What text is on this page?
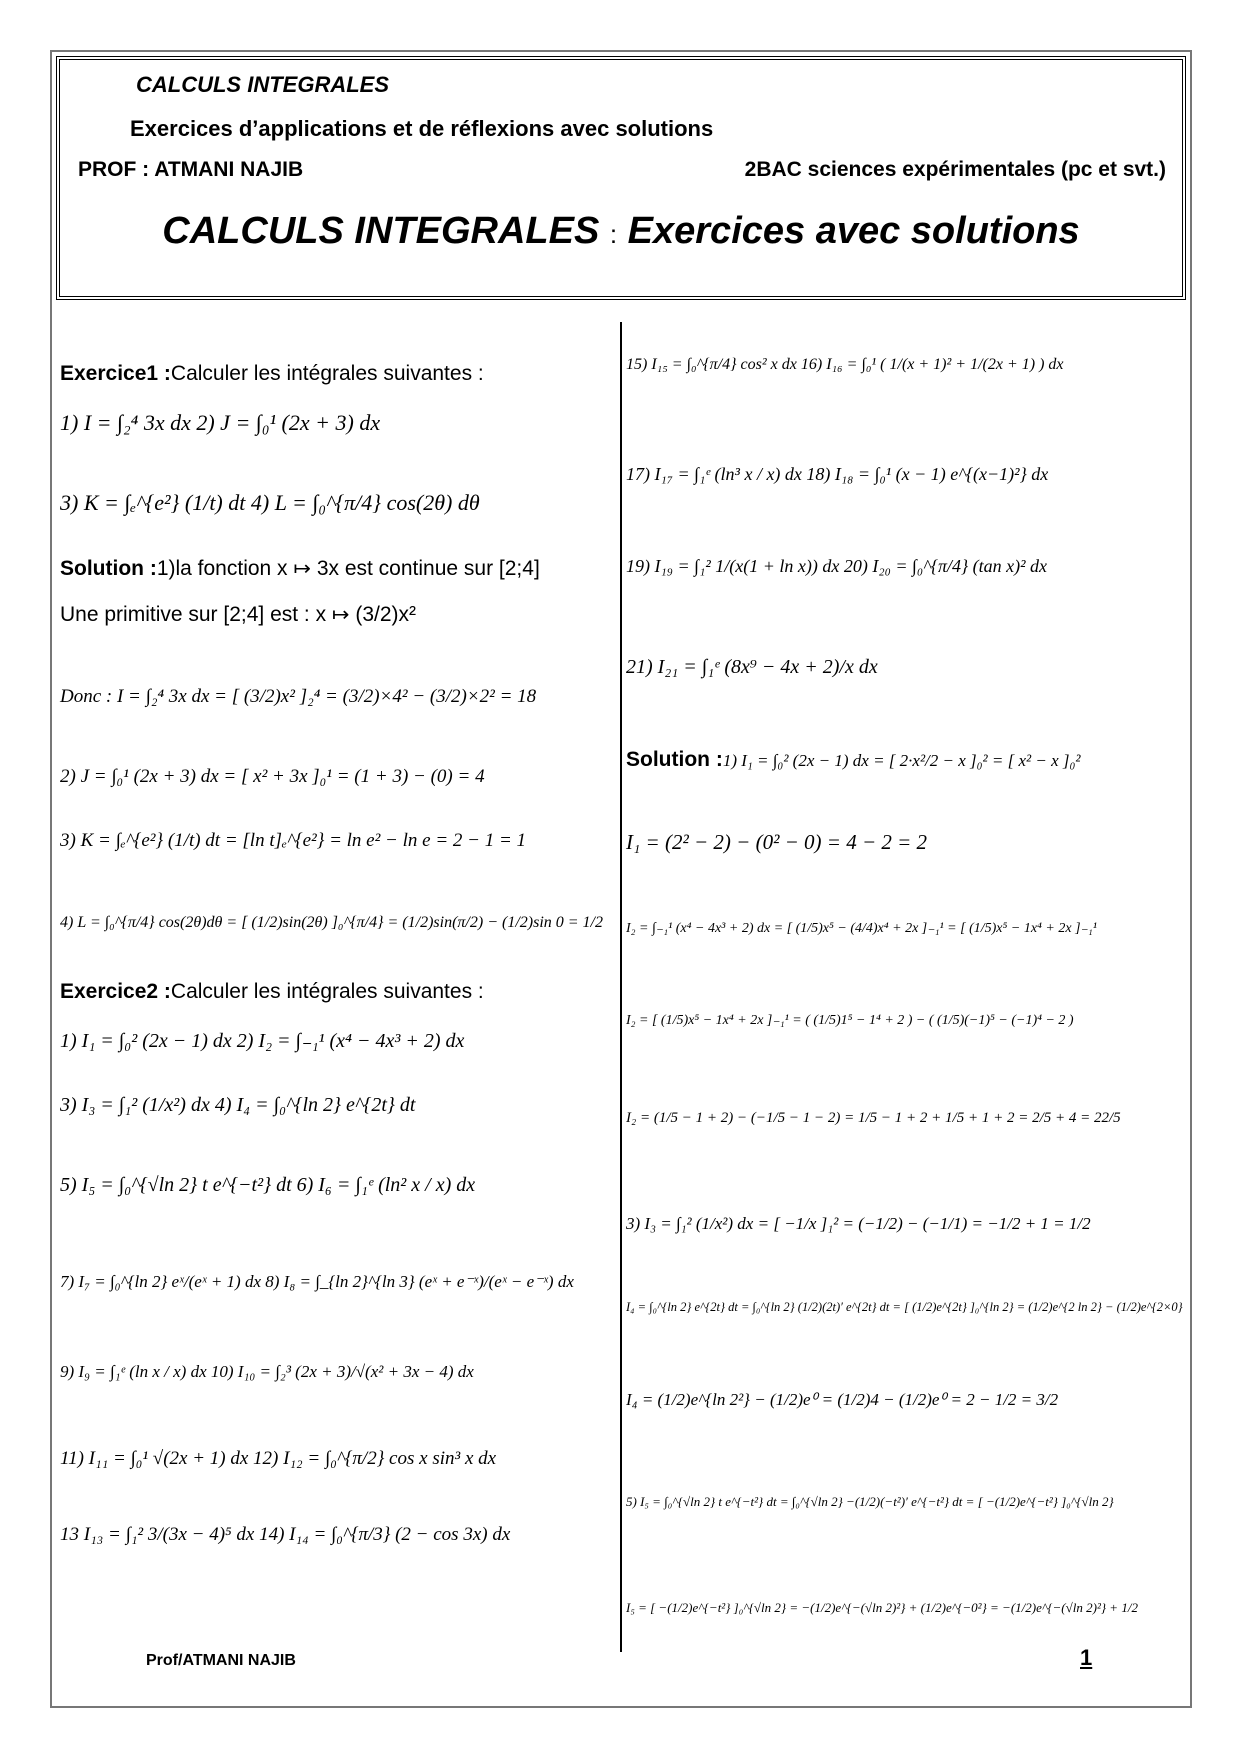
CALCULS INTEGRALES
Exercices d’applications et de réflexions avec solutions
PROF : ATMANI NAJIB	2BAC sciences expérimentales (pc et svt.)
CALCULS INTEGRALES : Exercices avec solutions
Exercice1 :Calculer les intégrales suivantes :
1) I = ∫₂⁴ 3x dx 2) J = ∫₀¹ (2x + 3) dx
3) K = ∫ₑ^{e²} (1/t) dt 4) L = ∫₀^{π/4} cos(2θ) dθ
Solution :1)la fonction x ↦ 3x est continue sur [2;4]
Une primitive sur [2;4] est : x ↦ (3/2)x²
Donc : I = ∫₂⁴ 3x dx = [ (3/2)x² ]₂⁴ = (3/2)×4² − (3/2)×2² = 18
2) J = ∫₀¹ (2x + 3) dx = [ x² + 3x ]₀¹ = (1 + 3) − (0) = 4
3) K = ∫ₑ^{e²} (1/t) dt = [ln t]ₑ^{e²} = ln e² − ln e = 2 − 1 = 1
4) L = ∫₀^{π/4} cos(2θ)dθ = [ (1/2)sin(2θ) ]₀^{π/4} = (1/2)sin(π/2) − (1/2)sin 0 = 1/2
Exercice2 :Calculer les intégrales suivantes :
1) I₁ = ∫₀² (2x − 1) dx 2) I₂ = ∫₋₁¹ (x⁴ − 4x³ + 2) dx
3) I₃ = ∫₁² (1/x²) dx 4) I₄ = ∫₀^{ln 2} e^{2t} dt
5) I₅ = ∫₀^{√ln 2} t e^{−t²} dt 6) I₆ = ∫₁ᵉ (ln² x / x) dx
7) I₇ = ∫₀^{ln 2} eˣ/(eˣ + 1) dx 8) I₈ = ∫_{ln 2}^{ln 3} (eˣ + e⁻ˣ)/(eˣ − e⁻ˣ) dx
9) I₉ = ∫₁ᵉ (ln x / x) dx 10) I₁₀ = ∫₂³ (2x + 3)/√(x² + 3x − 4) dx
11) I₁₁ = ∫₀¹ √(2x + 1) dx 12) I₁₂ = ∫₀^{π/2} cos x sin³ x dx
13 I₁₃ = ∫₁² 3/(3x − 4)⁵ dx 14) I₁₄ = ∫₀^{π/3} (2 − cos 3x) dx
15) I₁₅ = ∫₀^{π/4} cos² x dx 16) I₁₆ = ∫₀¹ ( 1/(x + 1)² + 1/(2x + 1) ) dx
17) I₁₇ = ∫₁ᵉ (ln³ x / x) dx 18) I₁₈ = ∫₀¹ (x − 1) e^{(x−1)²} dx
19) I₁₉ = ∫₁² 1/(x(1 + ln x)) dx 20) I₂₀ = ∫₀^{π/4} (tan x)² dx
21) I₂₁ = ∫₁ᵉ (8x⁹ − 4x + 2)/x dx
Solution :1) I₁ = ∫₀² (2x − 1) dx = [ 2·x²/2 − x ]₀² = [ x² − x ]₀²
I₁ = (2² − 2) − (0² − 0) = 4 − 2 = 2
I₂ = ∫₋₁¹ (x⁴ − 4x³ + 2) dx = [ (1/5)x⁵ − (4/4)x⁴ + 2x ]₋₁¹ = [ (1/5)x⁵ − 1x⁴ + 2x ]₋₁¹
I₂ = [ (1/5)x⁵ − 1x⁴ + 2x ]₋₁¹ = ( (1/5)1⁵ − 1⁴ + 2 ) − ( (1/5)(−1)⁵ − (−1)⁴ − 2 )
I₂ = (1/5 − 1 + 2) − (−1/5 − 1 − 2) = 1/5 − 1 + 2 + 1/5 + 1 + 2 = 2/5 + 4 = 22/5
3) I₃ = ∫₁² (1/x²) dx = [ −1/x ]₁² = (−1/2) − (−1/1) = −1/2 + 1 = 1/2
I₄ = ∫₀^{ln 2} e^{2t} dt = ∫₀^{ln 2} (1/2)(2t)′ e^{2t} dt = [ (1/2)e^{2t} ]₀^{ln 2} = (1/2)e^{2 ln 2} − (1/2)e^{2×0}
I₄ = (1/2)e^{ln 2²} − (1/2)e⁰ = (1/2)4 − (1/2)e⁰ = 2 − 1/2 = 3/2
5) I₅ = ∫₀^{√ln 2} t e^{−t²} dt = ∫₀^{√ln 2} −(1/2)(−t²)′ e^{−t²} dt = [ −(1/2)e^{−t²} ]₀^{√ln 2}
I₅ = [ −(1/2)e^{−t²} ]₀^{√ln 2} = −(1/2)e^{−(√ln 2)²} + (1/2)e^{−0²} = −(1/2)e^{−(√ln 2)²} + 1/2
Prof/ATMANI NAJIB	1
